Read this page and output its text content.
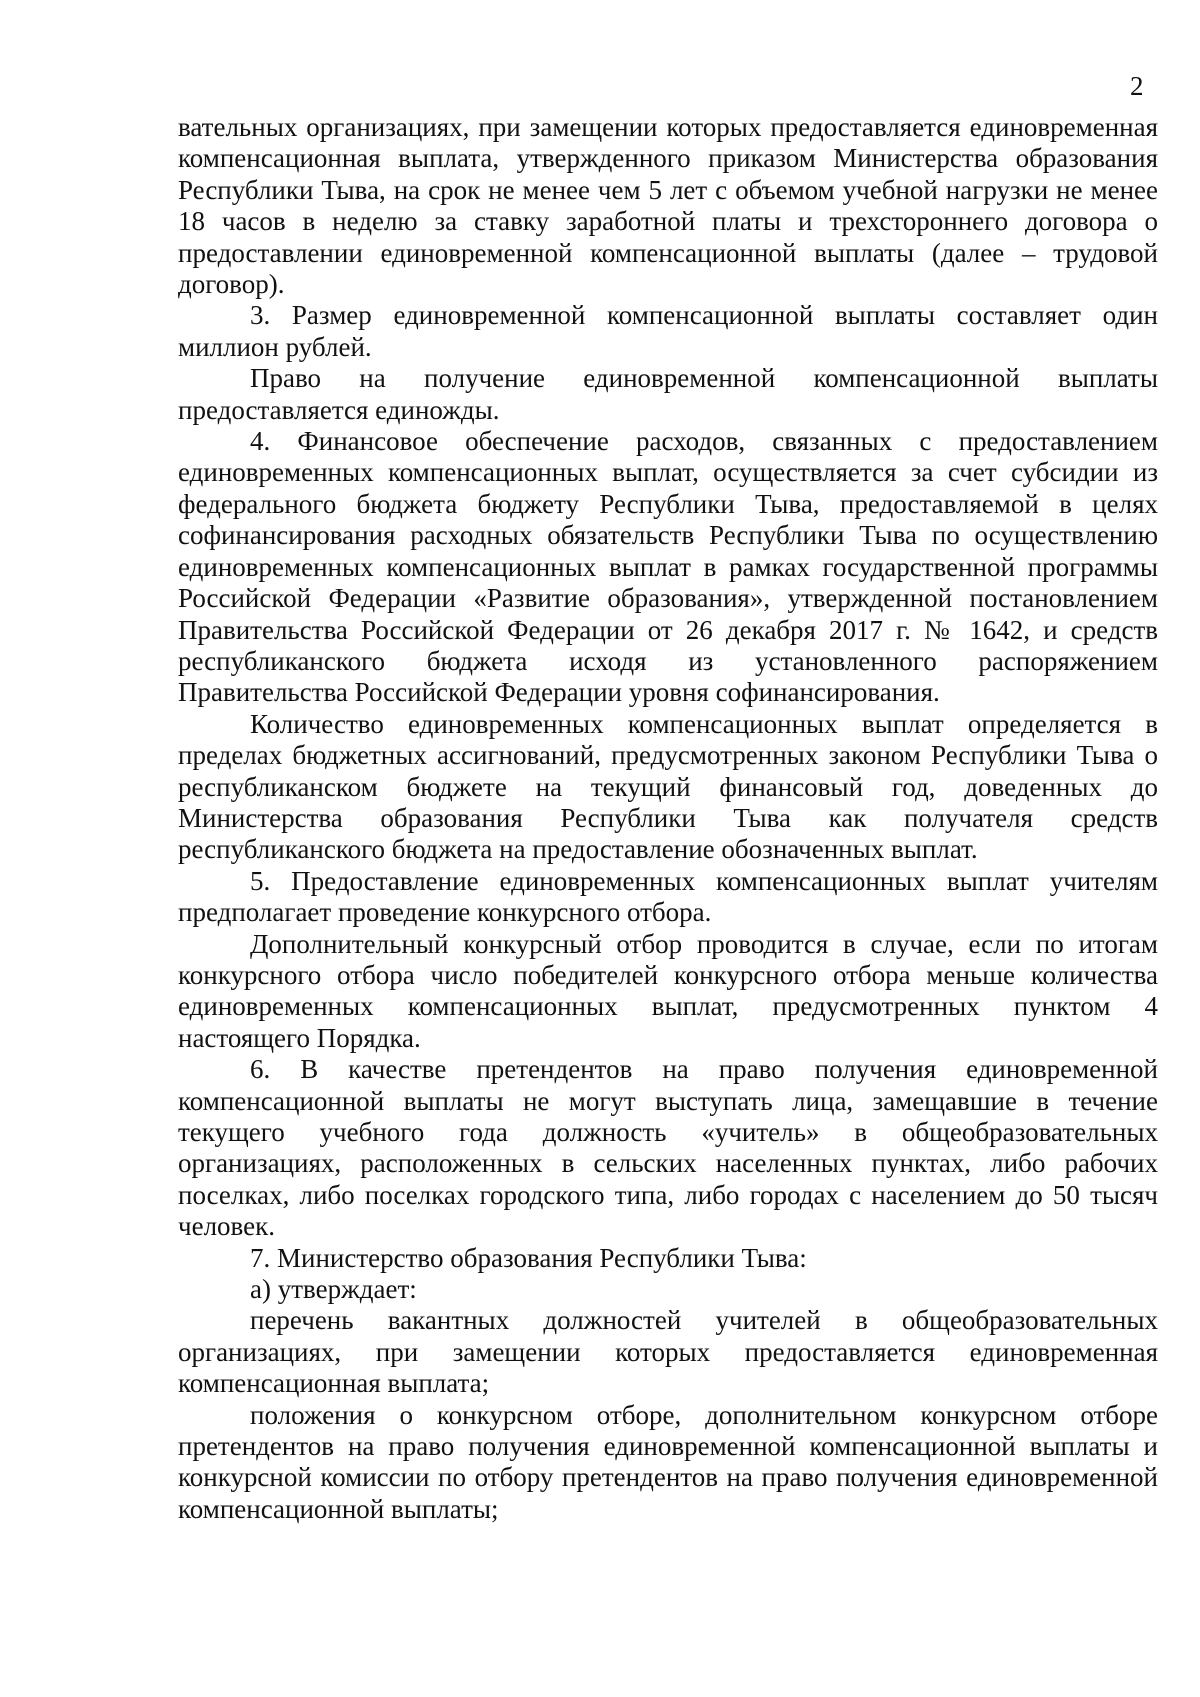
2

вательных организациях, при замещении которых предоставляется единовременная компенсационная выплата, утвержденного приказом Министерства образования Республики Тыва, на срок не менее чем 5 лет с объемом учебной нагрузки не менее 18 часов в неделю за ставку заработной платы и трехстороннего договора о предоставлении единовременной компенсационной выплаты (далее – трудовой договор).

3. Размер единовременной компенсационной выплаты составляет один миллион рублей.

Право на получение единовременной компенсационной выплаты предоставляется единожды.

4. Финансовое обеспечение расходов, связанных с предоставлением единовременных компенсационных выплат, осуществляется за счет субсидии из федерального бюджета бюджету Республики Тыва, предоставляемой в целях софинансирования расходных обязательств Республики Тыва по осуществлению единовременных компенсационных выплат в рамках государственной программы Российской Федерации «Развитие образования», утвержденной постановлением Правительства Российской Федерации от 26 декабря 2017 г. № 1642, и средств республиканского бюджета исходя из установленного распоряжением Правительства Российской Федерации уровня софинансирования.

Количество единовременных компенсационных выплат определяется в пределах бюджетных ассигнований, предусмотренных законом Республики Тыва о республиканском бюджете на текущий финансовый год, доведенных до Министерства образования Республики Тыва как получателя средств республиканского бюджета на предоставление обозначенных выплат.

5. Предоставление единовременных компенсационных выплат учителям предполагает проведение конкурсного отбора.

Дополнительный конкурсный отбор проводится в случае, если по итогам конкурсного отбора число победителей конкурсного отбора меньше количества единовременных компенсационных выплат, предусмотренных пунктом 4 настоящего Порядка.

6. В качестве претендентов на право получения единовременной компенсационной выплаты не могут выступать лица, замещавшие в течение текущего учебного года должность «учитель» в общеобразовательных организациях, расположенных в сельских населенных пунктах, либо рабочих поселках, либо поселках городского типа, либо городах с населением до 50 тысяч человек.

7. Министерство образования Республики Тыва:

а) утверждает:

перечень вакантных должностей учителей в общеобразовательных организациях, при замещении которых предоставляется единовременная компенсационная выплата;

положения о конкурсном отборе, дополнительном конкурсном отборе претендентов на право получения единовременной компенсационной выплаты и конкурсной комиссии по отбору претендентов на право получения единовременной компенсационной выплаты;
